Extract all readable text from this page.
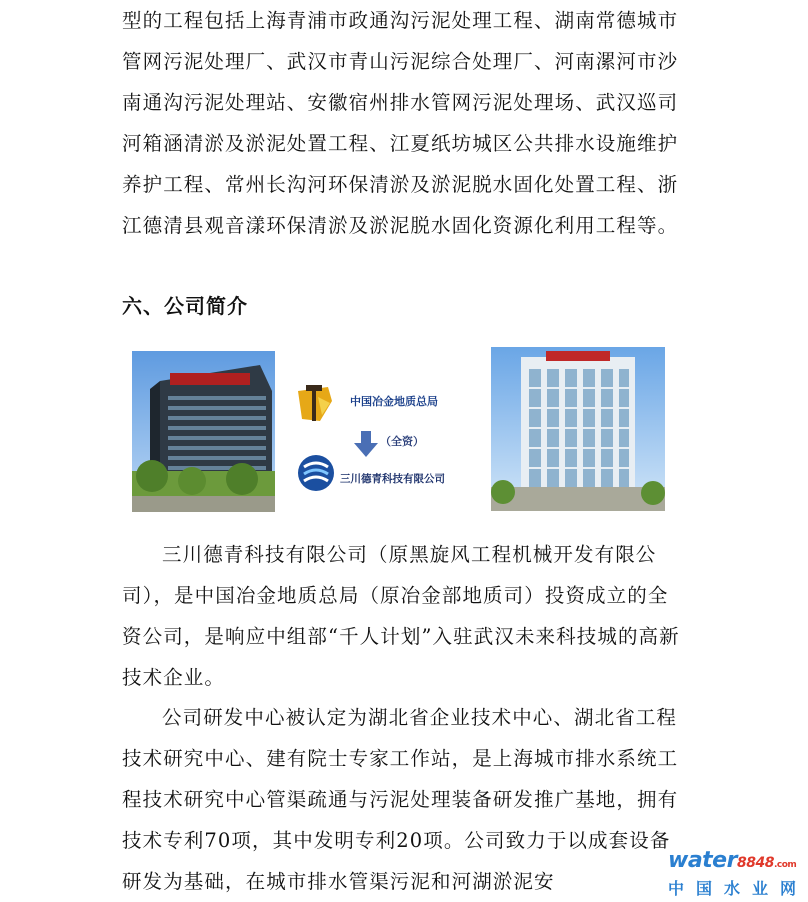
型的工程包括上海青浦市政通沟污泥处理工程、湖南常德城市管网污泥处理厂、武汉市青山污泥综合处理厂、河南漯河市沙南通沟污泥处理站、安徽宿州排水管网污泥处理场、武汉巡司河箱涵清淤及淤泥处置工程、江夏纸坊城区公共排水设施维护养护工程、常州长沟河环保清淤及淤泥脱水固化处置工程、浙江德清县观音漾环保清淤及淤泥脱水固化资源化利用工程等。

六、公司简介
中国冶金地质总局
（全资）
三川德青科技有限公司

三川德青科技有限公司（原黑旋风工程机械开发有限公司），是中国冶金地质总局（原冶金部地质司）投资成立的全资公司，是响应中组部“千人计划”入驻武汉未来科技城的高新技术企业。

公司研发中心被认定为湖北省企业技术中心、湖北省工程技术研究中心、建有院士专家工作站，是上海城市排水系统工程技术研究中心管渠疏通与污泥处理装备研发推广基地，拥有技术专利70项，其中发明专利20项。公司致力于以成套设备研发为基础，在城市排水管渠污泥和河湖淤泥安

water8848.com
中国水业网
